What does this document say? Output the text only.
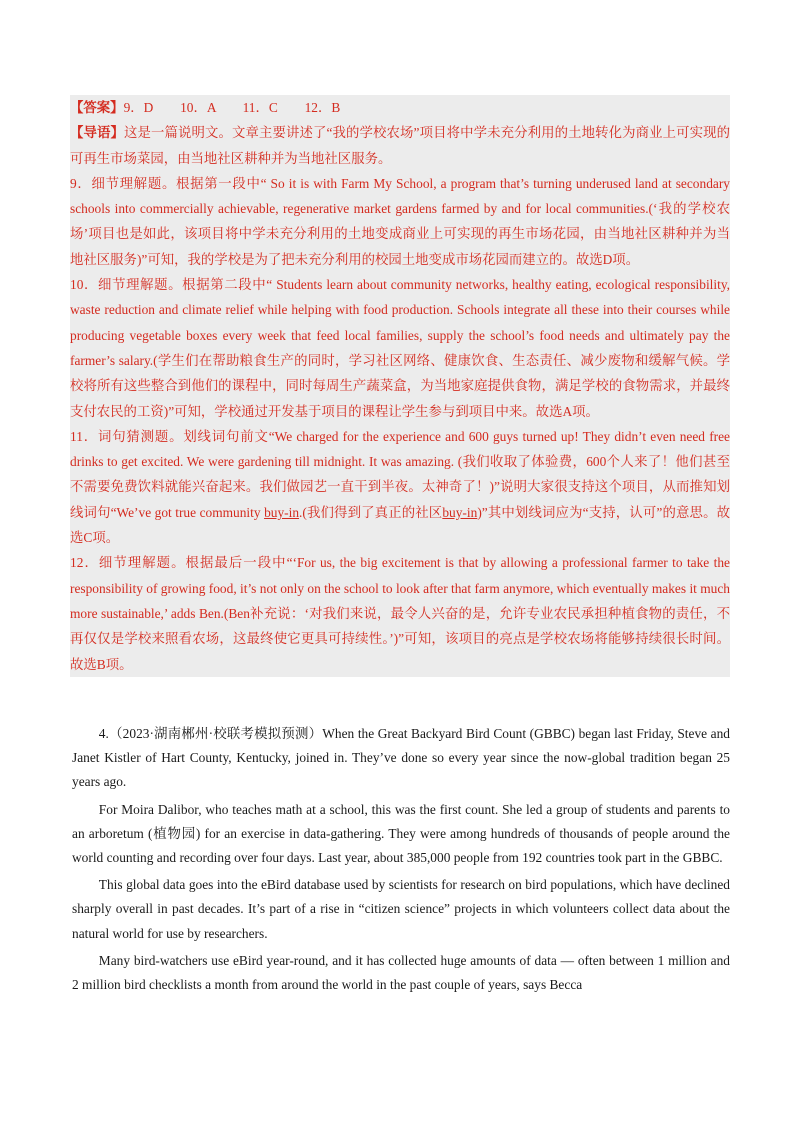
【答案】9．D　　10．A　　11．C　　12．B

【导语】这是一篇说明文。文章主要讲述了“我的学校农场”项目将中学未充分利用的土地转化为商业上可实现的可再生市场菜园，由当地社区耕种并为当地社区服务。

9．细节理解题。根据第一段中“ So it is with Farm My School, a program that’s turning underused land at secondary schools into commercially achievable, regenerative market gardens farmed by and for local communities.(‘我的学校农场’项目也是如此，该项目将中学未充分利用的土地变成商业上可实现的再生市场花园，由当地社区耕种并为当地社区服务)”可知，我的学校是为了把未充分利用的校园土地变成市场花园而建立的。故选D项。

10．细节理解题。根据第二段中“ Students learn about community networks, healthy eating, ecological responsibility, waste reduction and climate relief while helping with food production. Schools integrate all these into their courses while producing vegetable boxes every week that feed local families, supply the school’s food needs and ultimately pay the farmer’s salary.(学生们在帮助粮食生产的同时，学习社区网络、健康饮食、生态责任、减少废物和缓解气候。学校将所有这些整合到他们的课程中，同时每周生产蔬菜盒，为当地家庭提供食物，满足学校的食物需求，并最终支付农民的工资)”可知，学校通过开发基于项目的课程让学生参与到项目中来。故选A项。

11．词句猜测题。划线词句前文“We charged for the experience and 600 guys turned up! They didn’t even need free drinks to get excited. We were gardening till midnight. It was amazing. (我们收取了体验费，600个人来了！他们甚至不需要免费饮料就能兴奋起来。我们做园艺一直干到半夜。太神奇了！)”说明大家很支持这个项目，从而推知划线词句“We’ve got true community buy-in.(我们得到了真正的社区buy-in)”其中划线词应为“支持，认可”的意思。故选C项。

12．细节理解题。根据最后一段中“‘For us, the big excitement is that by allowing a professional farmer to take the responsibility of growing food, it’s not only on the school to look after that farm anymore, which eventually makes it much more sustainable,’ adds Ben.(Ben补充说：‘对我们来说，最令人兴奋的是，允许专业农民承担种植食物的责任，不再仅仅是学校来照看农场，这最终使它更具可持续性。’)”可知，该项目的亮点是学校农场将能够持续很长时间。故选B项。

4.（2023·湖南郴州·校联考模拟预测）When the Great Backyard Bird Count (GBBC) began last Friday, Steve and Janet Kistler of Hart County, Kentucky, joined in. They’ve done so every year since the now-global tradition began 25 years ago.

For Moira Dalibor, who teaches math at a school, this was the first count. She led a group of students and parents to an arboretum (植物园) for an exercise in data-gathering. They were among hundreds of thousands of people around the world counting and recording over four days. Last year, about 385,000 people from 192 countries took part in the GBBC.

This global data goes into the eBird database used by scientists for research on bird populations, which have declined sharply overall in past decades. It’s part of a rise in “citizen science” projects in which volunteers collect data about the natural world for use by researchers.

Many bird-watchers use eBird year-round, and it has collected huge amounts of data — often between 1 million and 2 million bird checklists a month from around the world in the past couple of years, says Becca
